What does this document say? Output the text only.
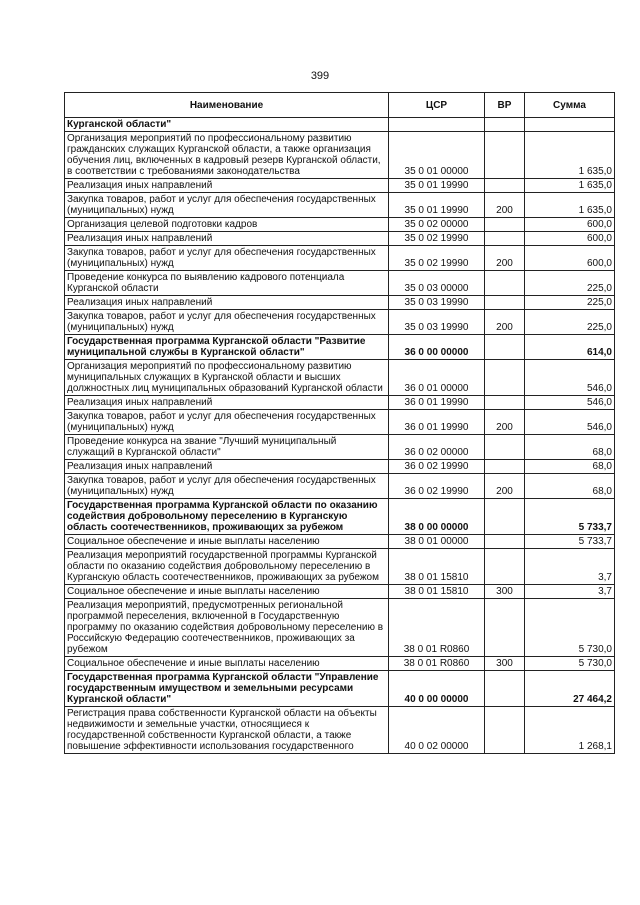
399
Наименование	ЦСР	ВР	Сумма
Курганской области"			
Организация мероприятий по профессиональному развитию гражданских служащих Курганской области, а также организация обучения лиц, включенных в кадровый резерв Курганской области, в соответствии с требованиями законодательства	35 0 01 00000		1 635,0
Реализация иных направлений	35 0 01 19990		1 635,0
Закупка товаров, работ и услуг для обеспечения государственных (муниципальных) нужд	35 0 01 19990	200	1 635,0
Организация целевой подготовки кадров	35 0 02 00000		600,0
Реализация иных направлений	35 0 02 19990		600,0
Закупка товаров, работ и услуг для обеспечения государственных (муниципальных) нужд	35 0 02 19990	200	600,0
Проведение конкурса по выявлению кадрового потенциала Курганской области	35 0 03 00000		225,0
Реализация иных направлений	35 0 03 19990		225,0
Закупка товаров, работ и услуг для обеспечения государственных (муниципальных) нужд	35 0 03 19990	200	225,0
Государственная программа Курганской области "Развитие муниципальной службы в Курганской области"	36 0 00 00000		614,0
Организация мероприятий по профессиональному развитию муниципальных служащих в Курганской области и высших должностных лиц муниципальных образований Курганской области	36 0 01 00000		546,0
Реализация иных направлений	36 0 01 19990		546,0
Закупка товаров, работ и услуг для обеспечения государственных (муниципальных) нужд	36 0 01 19990	200	546,0
Проведение конкурса на звание "Лучший муниципальный служащий в Курганской области"	36 0 02 00000		68,0
Реализация иных направлений	36 0 02 19990		68,0
Закупка товаров, работ и услуг для обеспечения государственных (муниципальных) нужд	36 0 02 19990	200	68,0
Государственная программа Курганской области по оказанию содействия добровольному переселению в Курганскую область соотечественников, проживающих за рубежом	38 0 00 00000		5 733,7
Социальное обеспечение и иные выплаты населению	38 0 01 00000		5 733,7
Реализация мероприятий государственной программы Курганской области по оказанию содействия добровольному переселению в Курганскую область соотечественников, проживающих за рубежом	38 0 01 15810		3,7
Социальное обеспечение и иные выплаты населению	38 0 01 15810	300	3,7
Реализация мероприятий, предусмотренных региональной программой переселения, включенной в Государственную программу по оказанию содействия добровольному переселению в Российскую Федерацию соотечественников, проживающих за рубежом	38 0 01 R0860		5 730,0
Социальное обеспечение и иные выплаты населению	38 0 01 R0860	300	5 730,0
Государственная программа Курганской области "Управление государственным имуществом и земельными ресурсами Курганской области"	40 0 00 00000		27 464,2
Регистрация права собственности Курганской области на объекты недвижимости и земельные участки, относящиеся к государственной собственности Курганской области, а также повышение эффективности использования государственного	40 0 02 00000		1 268,1
